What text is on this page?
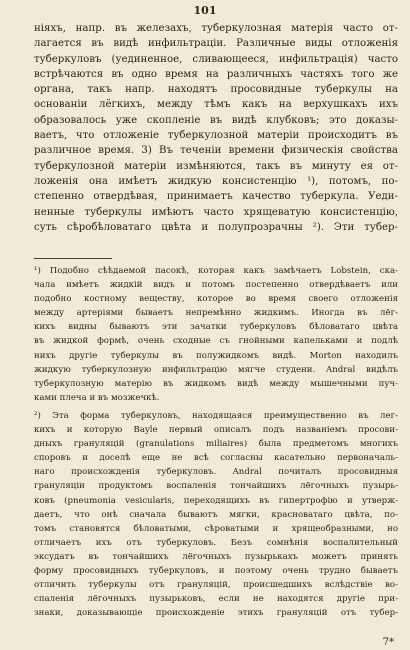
101
ніяхъ, напр. въ железахъ, туберкулозная матерія часто от-
лагается въ видѣ инфильтраціи. Различные виды отложенія
туберкуловъ (уединенное, сливающееся, инфильтрація) часто
встрѣчаются въ одно время на различныхъ частяхъ того же
органа, такъ напр. находятъ просовидные туберкулы на
основаніи лёгкихъ, между тѣмъ какъ на верхушкахъ ихъ
образовалось уже скопленіе въ видѣ клубковъ; это доказы-
ваетъ, что отложеніе туберкулозной матеріи происходитъ въ
различное время. 3) Въ теченіи времени физическія свойства
туберкулозной матеріи измѣняются, такъ въ минуту ея от-
ложенія она имѣетъ жидкую консистенцію ¹), потомъ, по-
степенно отвердѣвая, принимаетъ качество туберкула. Уеди-
ненные туберкулы имѣютъ часто хрящеватую консистенцію,
суть сѣробѣловатаго цвѣта и полупрозрачны ²). Эти тубер-
¹) Подобно сѣѣдаемой пасокѣ, которая какъ замѣчаетъ Lobstein, ска-
чала имѣетъ жидкій видъ и потомъ постепенно отвердѣваетъ или
подобно костному веществу, которое во время своего отложенія
между артеріями бываетъ непремѣнно жидкимъ. Иногда въ лёг-
кихъ видны бываютъ эти зачатки туберкуловъ бѣловатаго цвѣта
въ жидкой формѣ, очень сходные съ гнойными капельками и подлѣ
нихъ другіе туберкулы въ полужидкомъ видѣ. Morton находилъ
жидкую туберкулозную инфильтрацію мягче студени. Andral видѣлъ
туберкулозную матерію въ жидкомъ видѣ между мышечными пуч-
ками плеча и въ мозжечкѣ.
²) Эта форма туберкуловъ, находящаяся преимущественно въ лег-
кихъ и которую Bayle первый описалъ подъ названіемъ просови-
дныхъ грануляцій (granulations miliaires) была предметомъ многихъ
споровъ и доселѣ еще не всѣ согласны касательно первоначаль-
наго происхожденія туберкуловъ. Andral почиталъ просовидныя
грануляціи продуктомъ воспаленія тончайшихъ лёгочныхъ пузырь-
ковъ (pneumonia vesicularis, переходящихъ въ гипертрофію и утверж-
даетъ, что онѣ сначала бываютъ мягки, красноватаго цвѣта, по-
томъ становятся бѣловатыми, сѣроватыми и хрящеобразными, но
отличаетъ ихъ отъ туберкуловъ. Безъ сомнѣнія воспалительный
эксудатъ въ тончайшихъ лёгочныхъ пузырькахъ можетъ принять
форму просовидныхъ туберкуловъ, и поэтому очень трудно бываетъ
отличить туберкулы отъ грануляцій, происшедшихъ вслѣдствіе во-
спаленія лёгочныхъ пузырьковъ, если не находятся другіе при-
знаки, доказывающіе происхожденіе этихъ грануляцій отъ тубер-
7*
